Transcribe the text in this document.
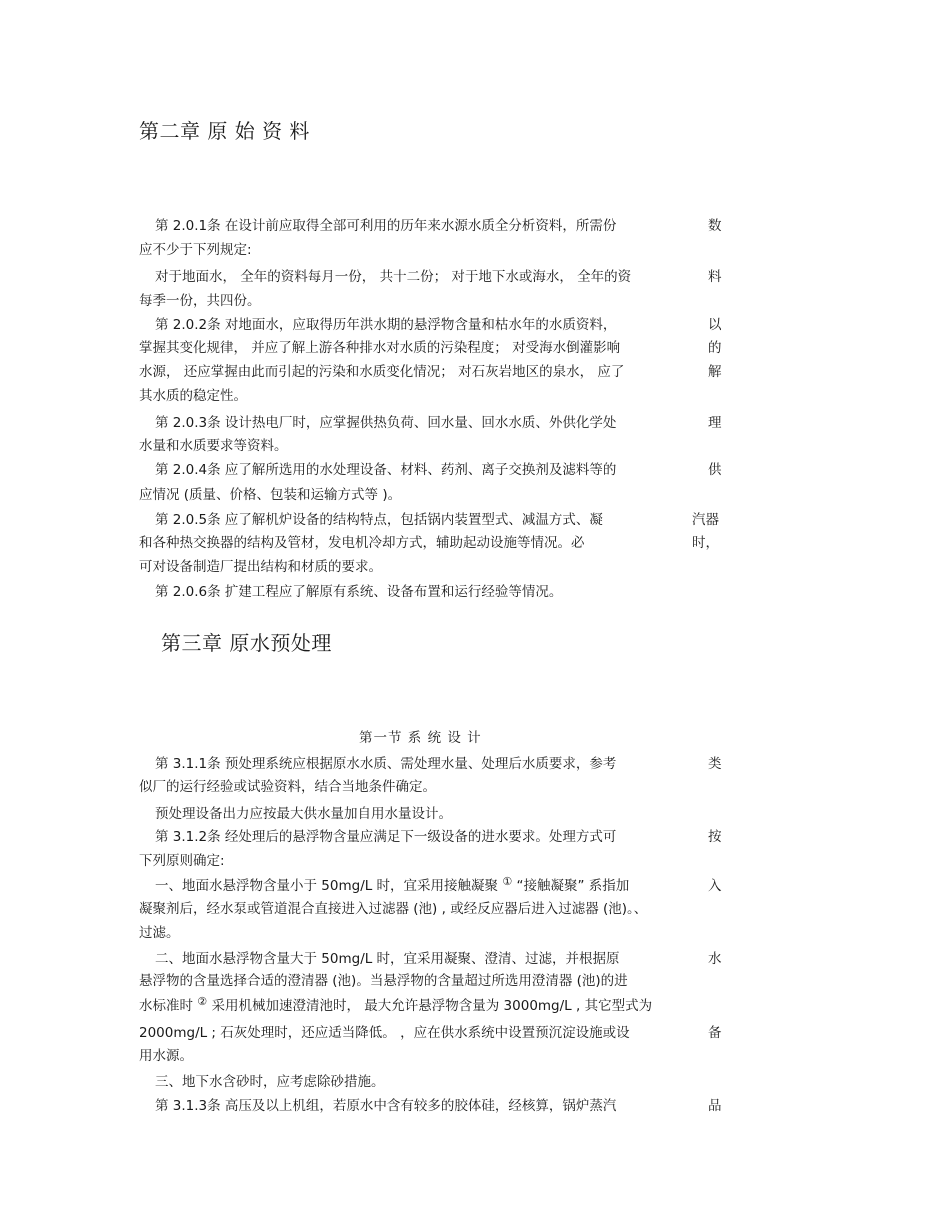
第二章 原 始 资 料
第 2.0.1条 在设计前应取得全部可利用的历年来水源水质全分析资料，所需份	数
应不少于下列规定:
对于地面水， 全年的资料每月一份， 共十二份； 对于地下水或海水， 全年的资	料
每季一份，共四份。
第 2.0.2条 对地面水，应取得历年洪水期的悬浮物含量和枯水年的水质资料，	以
掌握其变化规律， 并应了解上游各种排水对水质的污染程度； 对受海水倒灌影响	的
水源， 还应掌握由此而引起的污染和水质变化情况； 对石灰岩地区的泉水， 应了	解
其水质的稳定性。
第 2.0.3条 设计热电厂时，应掌握供热负荷、回水量、回水水质、外供化学处	理
水量和水质要求等资料。
第 2.0.4条 应了解所选用的水处理设备、材料、药剂、离子交换剂及滤料等的	供
应情况 (质量、价格、包装和运输方式等 )。
第 2.0.5条 应了解机炉设备的结构特点，包括锅内装置型式、减温方式、凝	汽器
和各种热交换器的结构及管材，发电机冷却方式，辅助起动设施等情况。必	时，
可对设备制造厂提出结构和材质的要求。
第 2.0.6条 扩建工程应了解原有系统、设备布置和运行经验等情况。
第三章 原水预处理
第一节 系 统 设 计
第 3.1.1条 预处理系统应根据原水水质、需处理水量、处理后水质要求，参考	类
似厂的运行经验或试验资料，结合当地条件确定。
预处理设备出力应按最大供水量加自用水量设计。
第 3.1.2条 经处理后的悬浮物含量应满足下一级设备的进水要求。处理方式可	按
下列原则确定:
一、地面水悬浮物含量小于 50mg/L 时，宜采用接触凝聚 ① “接触凝聚” 系指加	入
凝聚剂后，经水泵或管道混合直接进入过滤器 (池) , 或经反应器后进入过滤器 (池)。、
过滤。
二、地面水悬浮物含量大于 50mg/L 时，宜采用凝聚、澄清、过滤，并根据原	水
悬浮物的含量选择合适的澄清器 (池)。当悬浮物的含量超过所选用澄清器 (池)的进
水标准时 ② 采用机械加速澄清池时， 最大允许悬浮物含量为 3000mg/L , 其它型式为
2000mg/L ; 石灰处理时，还应适当降低。 ，应在供水系统中设置预沉淀设施或设	备
用水源。
三、地下水含砂时，应考虑除砂措施。
第 3.1.3条 高压及以上机组，若原水中含有较多的胶体硅，经核算，锅炉蒸汽	品
